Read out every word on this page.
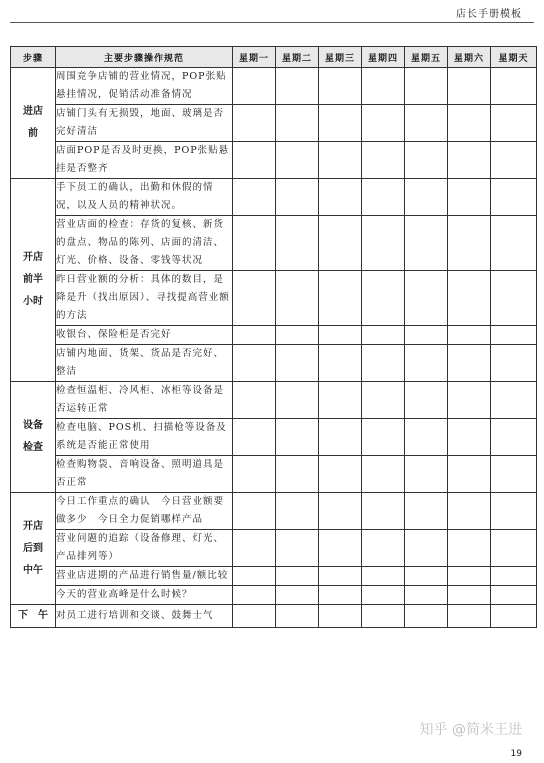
店长手册模板
步骤	主要步骤操作规范	星期一	星期二	星期三	星期四	星期五	星期六	星期天

进店前	周围竞争店铺的营业情况，POP张贴悬挂情况，促销活动准备情况							
	店铺门头有无损毁，地面、玻璃是否完好清洁							
	店面POP是否及时更换，POP张贴悬挂是否整齐							

开店前半小时	手下员工的确认，出勤和休假的情况，以及人员的精神状况。							
	营业店面的检查：存货的复核、新货的盘点、物品的陈列、店面的清洁、灯光、价格、设备、零钱等状况							
	昨日营业额的分析：具体的数目，是降是升（找出原因）、寻找提高营业额的方法							
	收银台、保险柜是否完好							
	店铺内地面、货架、货品是否完好、整洁							

设备检查	检查恒温柜、冷风柜、冰柜等设备是否运转正常							
	检查电脑、POS机、扫描枪等设备及系统是否能正常使用							
	检查购物袋、音响设备、照明道具是否正常							

开店后到中午	今日工作重点的确认　今日营业额要做多少　今日全力促销哪样产品							
	营业问题的追踪（设备修理、灯光、产品排列等）							
	营业店进期的产品进行销售量/额比较							
	今天的营业高峰是什么时候？							

下　午	对员工进行培训和交谈、鼓舞士气							
知乎 @简米王进
19
